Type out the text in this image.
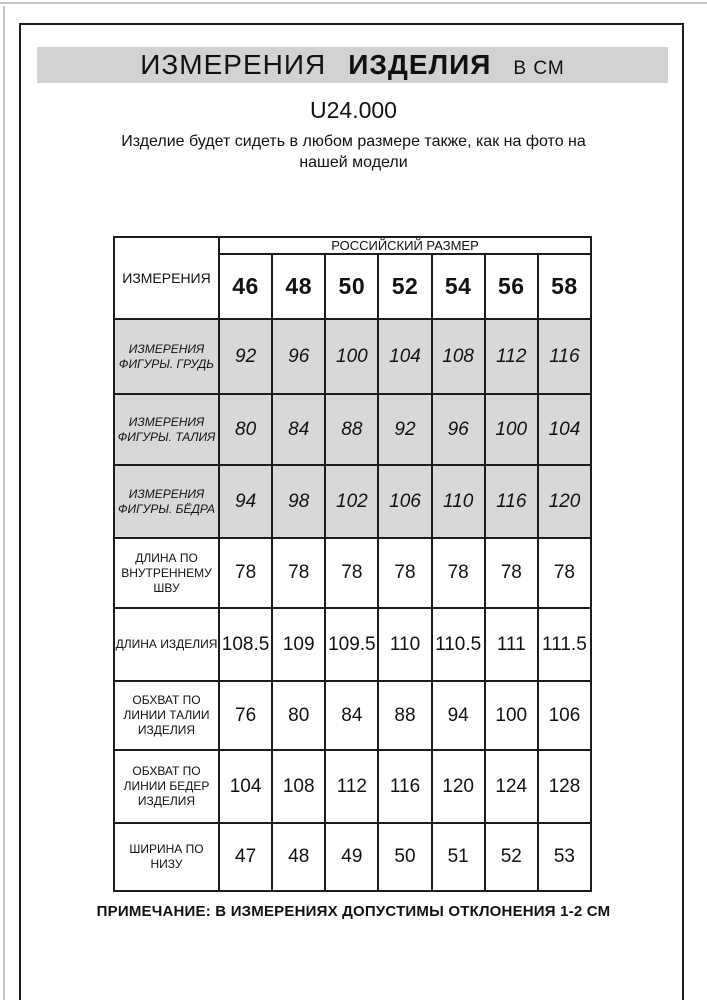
ИЗМЕРЕНИЯ ИЗДЕЛИЯ В СМ
U24.000
Изделие будет сидеть в любом размере также, как на фото на нашей модели
ИЗМЕРЕНИЯ	РОССИЙСКИЙ РАЗМЕР						
	46	48	50	52	54	56	58

ИЗМЕРЕНИЯ
ФИГУРЫ. ГРУДЬ	92	96	100	104	108	112	116

ИЗМЕРЕНИЯ
ФИГУРЫ. ТАЛИЯ	80	84	88	92	96	100	104

ИЗМЕРЕНИЯ
ФИГУРЫ. БЁДРА	94	98	102	106	110	116	120

ДЛИНА ПО
ВНУТРЕННЕМУ
ШВУ	78	78	78	78	78	78	78

ДЛИНА ИЗДЕЛИЯ	108.5	109	109.5	110	110.5	111	111.5

ОБХВАТ ПО
ЛИНИИ ТАЛИИ
ИЗДЕЛИЯ	76	80	84	88	94	100	106

ОБХВАТ ПО
ЛИНИИ БЕДЕР
ИЗДЕЛИЯ	104	108	112	116	120	124	128

ШИРИНА ПО
НИЗУ	47	48	49	50	51	52	53
ПРИМЕЧАНИЕ: В ИЗМЕРЕНИЯХ ДОПУСТИМЫ ОТКЛОНЕНИЯ 1-2 СМ
